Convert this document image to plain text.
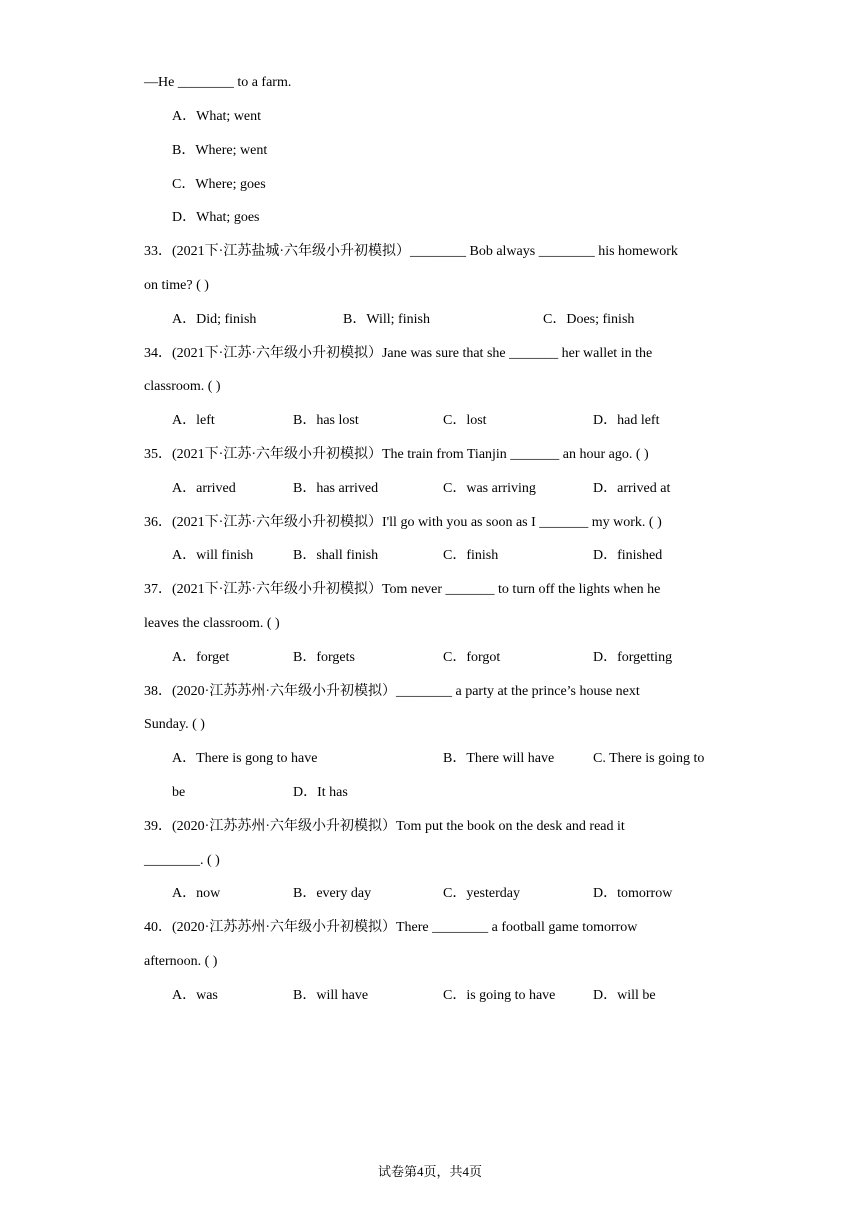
—He ________ to a farm.
A．What; went
B．Where; went
C．Where; goes
D．What; goes
33．(2021下·江苏盐城·六年级小升初模拟）________ Bob always ________ his homework
on time? ( )
A．Did; finish	B．Will; finish	C．Does; finish
34．(2021下·江苏·六年级小升初模拟）Jane was sure that she _______ her wallet in the
classroom. ( )
A．left	B．has lost	C．lost	D．had left
35．(2021下·江苏·六年级小升初模拟）The train from Tianjin _______ an hour ago. ( )
A．arrived	B．has arrived	C．was arriving	D．arrived at
36．(2021下·江苏·六年级小升初模拟）I'll go with you as soon as I _______ my work. ( )
A．will finish	B．shall finish	C．finish	D．finished
37．(2021下·江苏·六年级小升初模拟）Tom never _______ to turn off the lights when he
leaves the classroom. ( )
A．forget	B．forgets	C．forgot	D．forgetting
38．(2020·江苏苏州·六年级小升初模拟）________ a party at the prince’s house next
Sunday. ( )
A．There is gong to have	B．There will have	C. There is going to
be	D．It has
39．(2020·江苏苏州·六年级小升初模拟）Tom put the book on the desk and read it
________. ( )
A．now	B．every day	C．yesterday	D．tomorrow
40．(2020·江苏苏州·六年级小升初模拟）There ________ a football game tomorrow
afternoon. ( )
A．was	B．will have	C．is going to have	D．will be
试卷第4页，共4页
